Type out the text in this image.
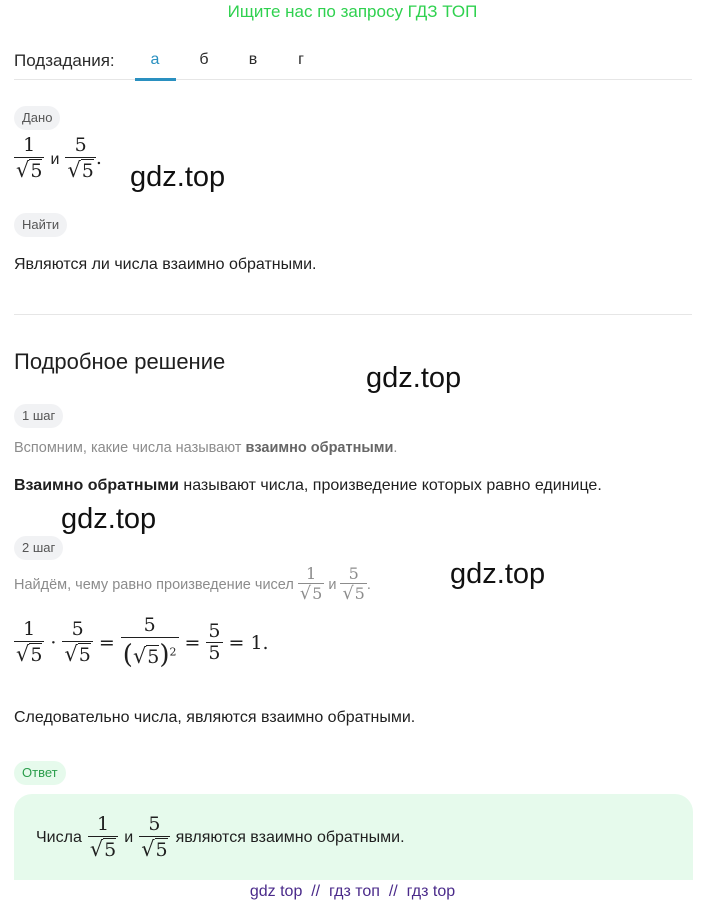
Ищите нас по запросу ГДЗ ТОП
Подзадания:	а	б	в	г
Дано
$\frac{1}{√5}$ и $\frac{5}{√5}$ .
gdz.top
Найти
Являются ли числа взаимно обратными.
Подробное решение
gdz.top
1 шаг
Вспомним, какие числа называют взаимно обратными.
Взаимно обратными называют числа, произведение которых равно единице.
gdz.top
2 шаг
Найдём, чему равно произведение чисел $\frac{1}{√5}$ и $\frac{5}{√5}$ .	gdz.top
$\frac{1}{√5} \cdot \frac{5}{√5} = \frac{5}{(√5)^2} = \frac{5}{5} = 1$.
Следовательно числа, являются взаимно обратными.
Ответ
Числа $\frac{1}{√5}$ и $\frac{5}{√5}$ являются взаимно обратными.
gdz top // гдз топ // гдз top
